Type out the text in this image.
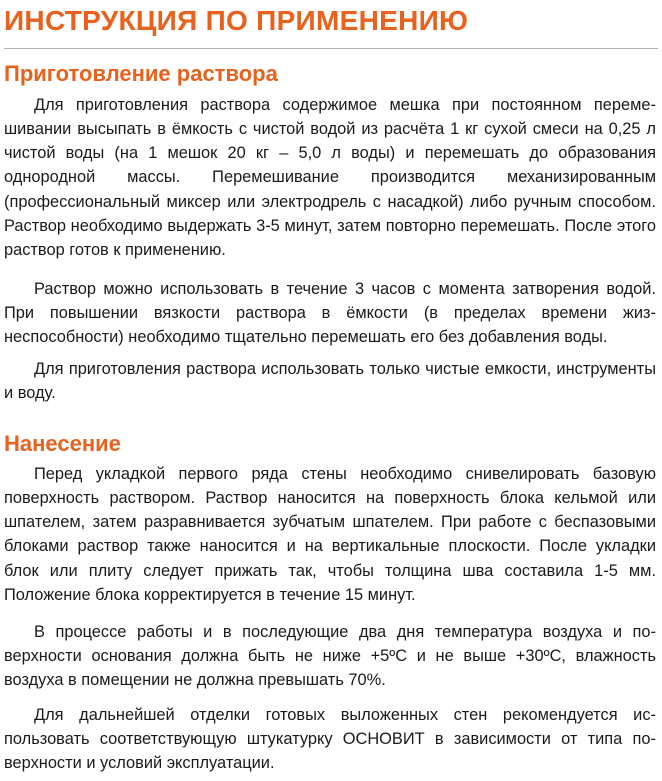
ИНСТРУКЦИЯ ПО ПРИМЕНЕНИЮ
Приготовление раствора

Для приготовления раствора содержимое мешка при постоянном перемешивании высыпать в ёмкость с чистой водой из расчёта 1 кг сухой смеси на 0,25 л чистой воды (на 1 мешок 20 кг – 5,0 л воды) и перемешать до образования однородной массы. Перемешивание производится механизированным (профессиональный миксер или электродрель с насадкой) либо ручным способом. Раствор необходимо выдержать 3-5 минут, затем повторно перемешать. После этого раствор готов к применению.

Раствор можно использовать в течение 3 часов с момента затворения водой. При повышении вязкости раствора в ёмкости (в пределах времени жизнеспособности) необходимо тщательно перемешать его без добавления воды.

Для приготовления раствора использовать только чистые емкости, инструменты и воду.

Нанесение

Перед укладкой первого ряда стены необходимо снивелировать базовую поверхность раствором. Раствор наносится на поверхность блока кельмой или шпателем, затем разравнивается зубчатым шпателем. При работе с беспазовыми блоками раствор также наносится и на вертикальные плоскости. После укладки блок или плиту следует прижать так, чтобы толщина шва составила 1-5 мм. Положение блока корректируется в течение 15 минут.

В процессе работы и в последующие два дня температура воздуха и поверхности основания должна быть не ниже +5ºС и не выше +30ºС, влажность воздуха в помещении не должна превышать 70%.

Для дальнейшей отделки готовых выложенных стен рекомендуется использовать соответствующую штукатурку ОСНОВИТ в зависимости от типа поверхности и условий эксплуатации.
